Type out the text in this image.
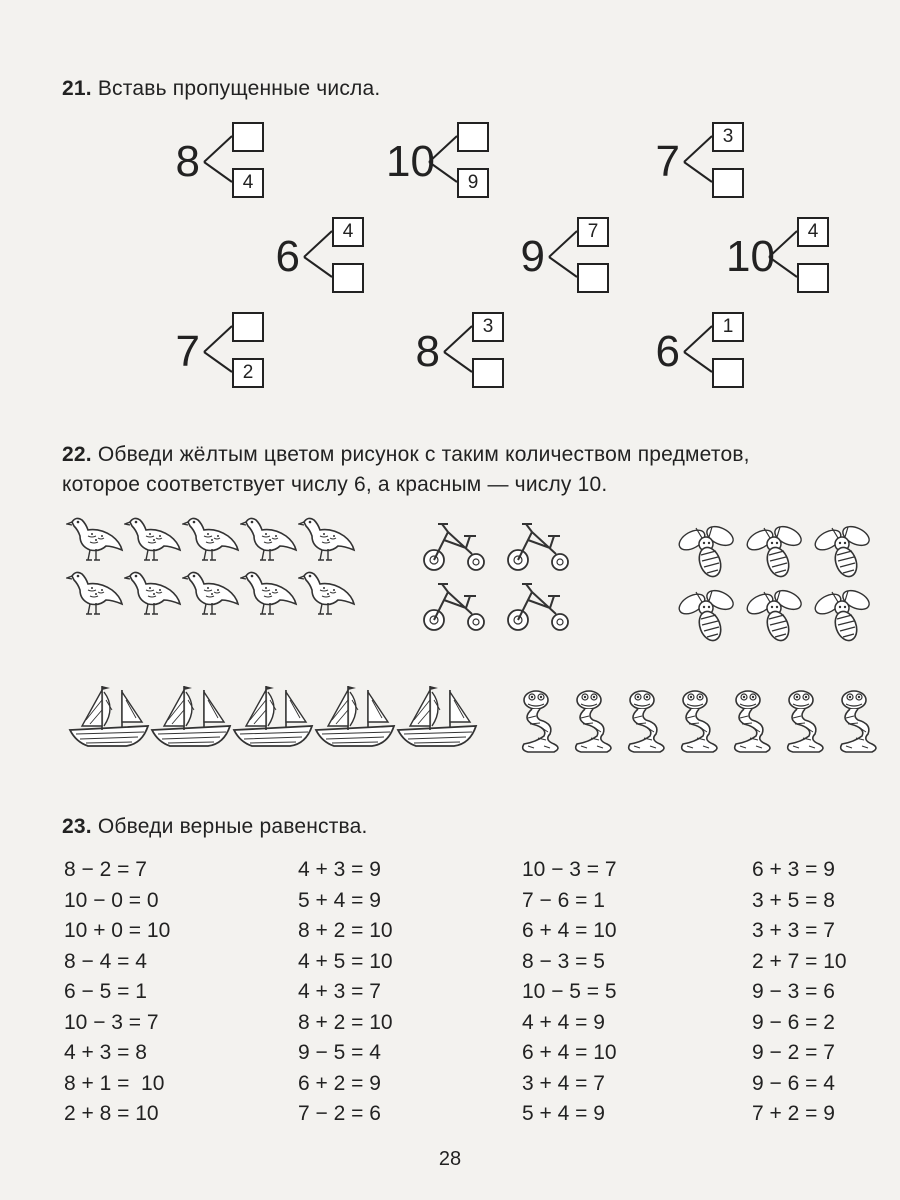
21. Вставь пропущенные числа.
8	4	10	9	7
3
6
4
9
7
10
4
7	2	8
3
6
1
22. Обведи жёлтым цветом рисунок с таким количеством предметов,
которое соответствует числу 6, а красным — числу 10.
23. Обведи верные равенства.
8 − 2 = 7
10 − 0 = 0
10 + 0 = 10
8 − 4 = 4
6 − 5 = 1
10 − 3 = 7
4 + 3 = 8
8 + 1 =  10
2 + 8 = 10
4 + 3 = 9
5 + 4 = 9
8 + 2 = 10
4 + 5 = 10
4 + 3 = 7
8 + 2 = 10
9 − 5 = 4
6 + 2 = 9
7 − 2 = 6
10 − 3 = 7
7 − 6 = 1
6 + 4 = 10
8 − 3 = 5
10 − 5 = 5
4 + 4 = 9
6 + 4 = 10
3 + 4 = 7
5 + 4 = 9
6 + 3 = 9
3 + 5 = 8
3 + 3 = 7
2 + 7 = 10
9 − 3 = 6
9 − 6 = 2
9 − 2 = 7
9 − 6 = 4
7 + 2 = 9
28
